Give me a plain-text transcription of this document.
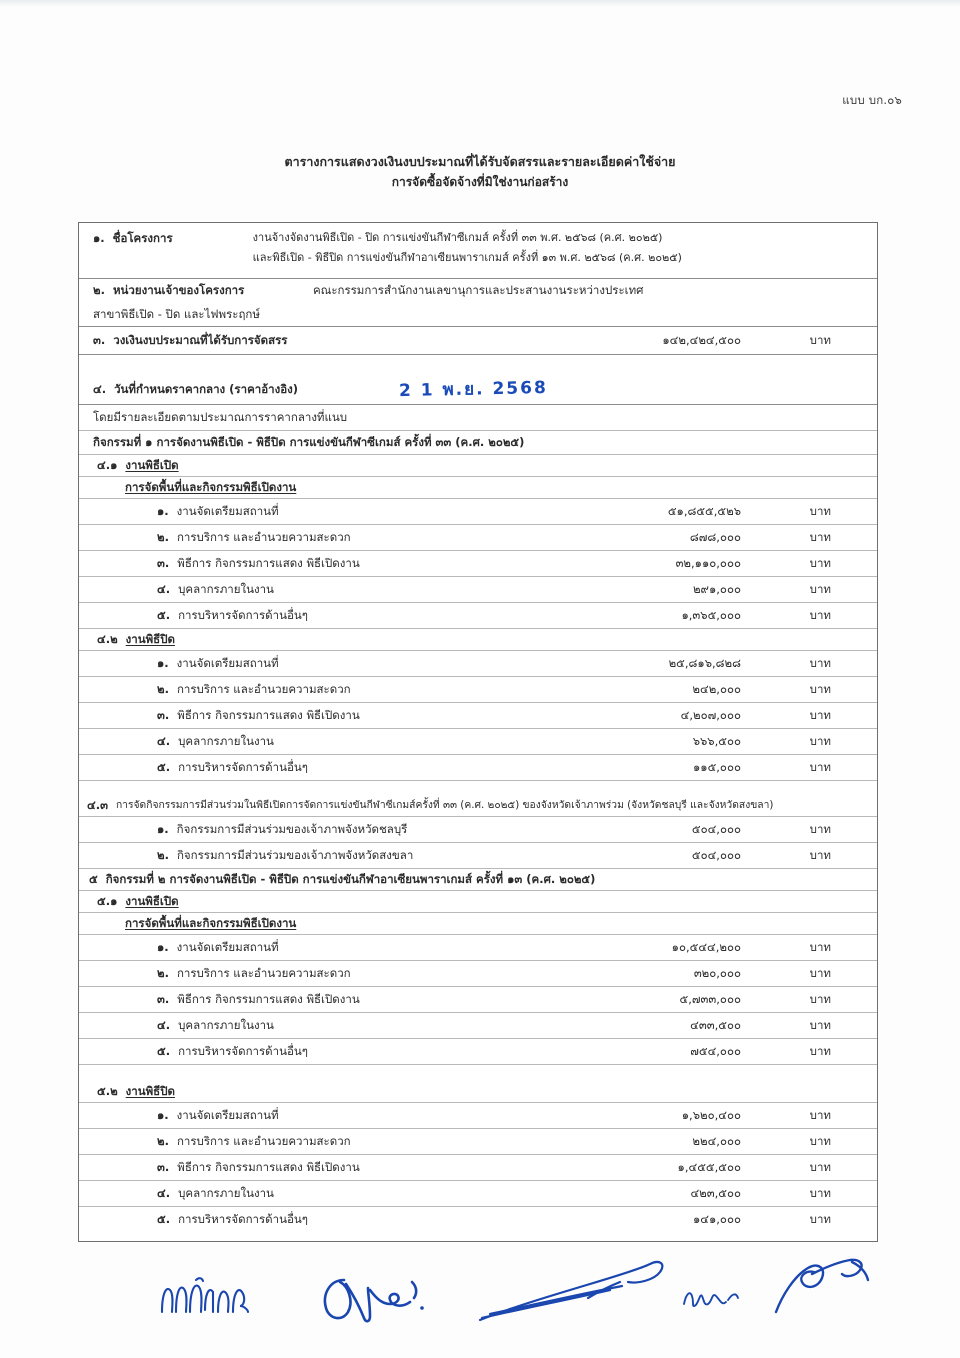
แบบ บก.๐๖
ตารางการแสดงวงเงินงบประมาณที่ได้รับจัดสรรและรายละเอียดค่าใช้จ่าย
การจัดซื้อจัดจ้างที่มิใช่งานก่อสร้าง
๑. ชื่อโครงการ	งานจ้างจัดงานพิธีเปิด - ปิด การแข่งขันกีฬาซีเกมส์ ครั้งที่ ๓๓ พ.ศ. ๒๕๖๘ (ค.ศ. ๒๐๒๕)
และพิธีเปิด - พิธีปิด การแข่งขันกีฬาอาเซียนพาราเกมส์ ครั้งที่ ๑๓ พ.ศ. ๒๕๖๘ (ค.ศ. ๒๐๒๕)
๒. หน่วยงานเจ้าของโครงการ	คณะกรรมการสำนักงานเลขานุการและประสานงานระหว่างประเทศ
สาขาพิธีเปิด - ปิด และไฟพระฤกษ์
๓. วงเงินงบประมาณที่ได้รับการจัดสรร	๑๔๒,๔๒๔,๕๐๐	บาท
๔. วันที่กำหนดราคากลาง (ราคาอ้างอิง)	2 1 พ.ย. 2568
โดยมีรายละเอียดตามประมาณการราคากลางที่แนบ
กิจกรรมที่ ๑ การจัดงานพิธีเปิด - พิธีปิด การแข่งขันกีฬาซีเกมส์ ครั้งที่ ๓๓ (ค.ศ. ๒๐๒๕)
๔.๑ งานพิธีเปิด
การจัดพื้นที่และกิจกรรมพิธีเปิดงาน
๑. งานจัดเตรียมสถานที่	๕๑,๘๕๕,๕๒๖	บาท
๒. การบริการ และอำนวยความสะดวก	๘๗๘,๐๐๐	บาท
๓. พิธีการ กิจกรรมการแสดง พิธีเปิดงาน	๓๒,๑๑๐,๐๐๐	บาท
๔. บุคลากรภายในงาน	๒๙๑,๐๐๐	บาท
๕. การบริหารจัดการด้านอื่นๆ	๑,๓๖๕,๐๐๐	บาท
๔.๒ งานพิธีปิด
๑. งานจัดเตรียมสถานที่	๒๕,๘๑๖,๘๒๘	บาท
๒. การบริการ และอำนวยความสะดวก	๒๔๒,๐๐๐	บาท
๓. พิธีการ กิจกรรมการแสดง พิธีเปิดงาน	๔,๒๐๗,๐๐๐	บาท
๔. บุคลากรภายในงาน	๖๖๖,๕๐๐	บาท
๕. การบริหารจัดการด้านอื่นๆ	๑๑๕,๐๐๐	บาท
๔.๓ การจัดกิจกรรมการมีส่วนร่วมในพิธีเปิดการจัดการแข่งขันกีฬาซีเกมส์ครั้งที่ ๓๓ (ค.ศ. ๒๐๒๕) ของจังหวัดเจ้าภาพร่วม (จังหวัดชลบุรี และจังหวัดสงขลา)
๑. กิจกรรมการมีส่วนร่วมของเจ้าภาพจังหวัดชลบุรี	๕๐๔,๐๐๐	บาท
๒. กิจกรรมการมีส่วนร่วมของเจ้าภาพจังหวัดสงขลา	๕๐๔,๐๐๐	บาท
๕ กิจกรรมที่ ๒ การจัดงานพิธีเปิด - พิธีปิด การแข่งขันกีฬาอาเซียนพาราเกมส์ ครั้งที่ ๑๓ (ค.ศ. ๒๐๒๕)
๕.๑ งานพิธีเปิด
การจัดพื้นที่และกิจกรรมพิธีเปิดงาน
๑. งานจัดเตรียมสถานที่	๑๐,๕๔๔,๒๐๐	บาท
๒. การบริการ และอำนวยความสะดวก	๓๒๐,๐๐๐	บาท
๓. พิธีการ กิจกรรมการแสดง พิธีเปิดงาน	๕,๗๓๓,๐๐๐	บาท
๔. บุคลากรภายในงาน	๔๓๓,๕๐๐	บาท
๕. การบริหารจัดการด้านอื่นๆ	๗๕๔,๐๐๐	บาท
๕.๒ งานพิธีปิด
๑. งานจัดเตรียมสถานที่	๑,๖๒๐,๔๐๐	บาท
๒. การบริการ และอำนวยความสะดวก	๒๒๔,๐๐๐	บาท
๓. พิธีการ กิจกรรมการแสดง พิธีเปิดงาน	๑,๔๕๕,๕๐๐	บาท
๔. บุคลากรภายในงาน	๔๒๓,๕๐๐	บาท
๕. การบริหารจัดการด้านอื่นๆ	๑๔๑,๐๐๐	บาท
